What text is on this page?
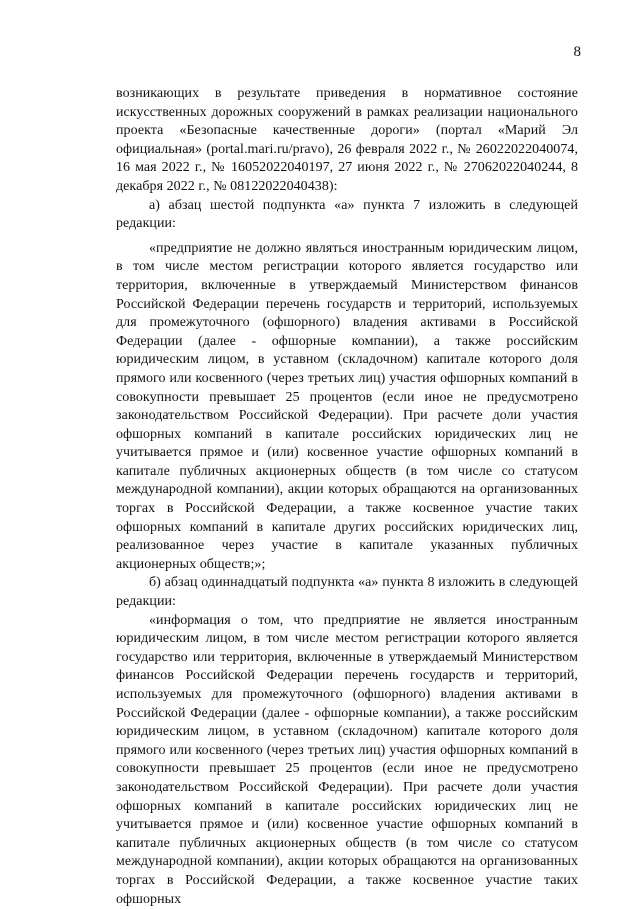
8

возникающих в результате приведения в нормативное состояние искусственных дорожных сооружений в рамках реализации национального проекта «Безопасные качественные дороги» (портал «Марий Эл официальная» (portal.mari.ru/pravo), 26 февраля 2022 г., № 26022022040074, 16 мая 2022 г., № 16052022040197, 27 июня 2022 г., № 27062022040244, 8 декабря 2022 г., № 08122022040438):

а) абзац шестой подпункта «а» пункта 7 изложить в следующей редакции:

«предприятие не должно являться иностранным юридическим лицом, в том числе местом регистрации которого является государство или территория, включенные в утверждаемый Министерством финансов Российской Федерации перечень государств и территорий, используемых для промежуточного (офшорного) владения активами в Российской Федерации (далее - офшорные компании), а также российским юридическим лицом, в уставном (складочном) капитале которого доля прямого или косвенного (через третьих лиц) участия офшорных компаний в совокупности превышает 25 процентов (если иное не предусмотрено законодательством Российской Федерации). При расчете доли участия офшорных компаний в капитале российских юридических лиц не учитывается прямое и (или) косвенное участие офшорных компаний в капитале публичных акционерных обществ (в том числе со статусом международной компании), акции которых обращаются на организованных торгах в Российской Федерации, а также косвенное участие таких офшорных компаний в капитале других российских юридических лиц, реализованное через участие в капитале указанных публичных акционерных обществ;»;

б) абзац одиннадцатый подпункта «а» пункта 8 изложить в следующей редакции:

«информация о том, что предприятие не является иностранным юридическим лицом, в том числе местом регистрации которого является государство или территория, включенные в утверждаемый Министерством финансов Российской Федерации перечень государств и территорий, используемых для промежуточного (офшорного) владения активами в Российской Федерации (далее - офшорные компании), а также российским юридическим лицом, в уставном (складочном) капитале которого доля прямого или косвенного (через третьих лиц) участия офшорных компаний в совокупности превышает 25 процентов (если иное не предусмотрено законодательством Российской Федерации). При расчете доли участия офшорных компаний в капитале российских юридических лиц не учитывается прямое и (или) косвенное участие офшорных компаний в капитале публичных акционерных обществ (в том числе со статусом международной компании), акции которых обращаются на организованных торгах в Российской Федерации, а также косвенное участие таких офшорных
